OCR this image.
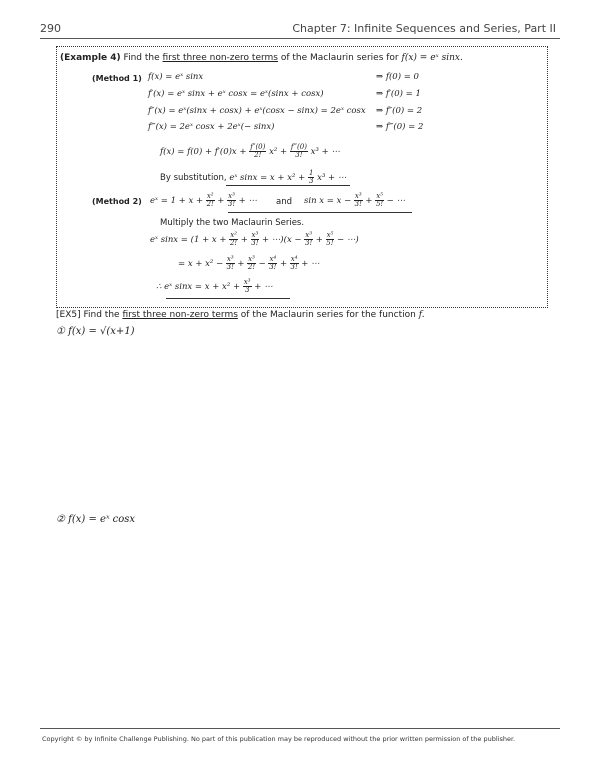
290	Chapter 7: Infinite Sequences and Series, Part II
(Example 4) Find the first three non-zero terms of the Maclaurin series for f(x) = eˣ sinx.
(Method 1) f(x) = eˣ sinx	⇒ f(0) = 0
f′(x) = eˣ sinx + eˣ cosx = eˣ(sinx + cosx)	⇒ f′(0) = 1
f″(x) = eˣ(sinx + cosx) + eˣ(cosx − sinx) = 2eˣ cosx ⇒ f″(0) = 2
f‴(x) = 2eˣ cosx + 2eˣ(− sinx)	⇒ f‴(0) = 2
$f(x) = f(0) + f'(0)x + \frac{f''(0)}{2!} x^2 + \frac{f‴(0)}{3!} x^3$ + ⋯
By substitution, eˣ $\sin x = x + x^2 + \frac{1}{3} x^3$ + ⋯
(Method 2) eˣ = $1 + x + \frac{\text{x²}}{2!} + \frac{\text{x³}}{3!}$ + ⋯ and $\sin x = x - \frac{\text{x³}}{3!} + \frac{\text{x⁵}}{5!}$ − ⋯
Multiply the two Maclaurin Series.
eˣ $\sin x = (1 + x + \frac{\text{x²}}{2!} + \frac{\text{x³}}{3!}$ + ⋯)(x − $\frac{\text{x³}}{3!} + \frac{\text{x⁵}}{5!}$ − ⋯)
= $x + x^2 - \frac{\text{x³}}{3!} + \frac{\text{x³}}{2!} - \frac{\text{x⁴}}{3!} + \frac{\text{x⁴}}{3!}$ + ⋯
∴ eˣ $\sin x = x + x^2 + \frac{\text{x³}}{3}$ + ⋯
[EX5] Find the first three non-zero terms of the Maclaurin series for the function f.
① f(x) = √(x+1)
② f(x) = eˣ cosx
Copyright © by Infinite Challenge Publishing. No part of this publication may be reproduced without the prior written permission of the publisher.
